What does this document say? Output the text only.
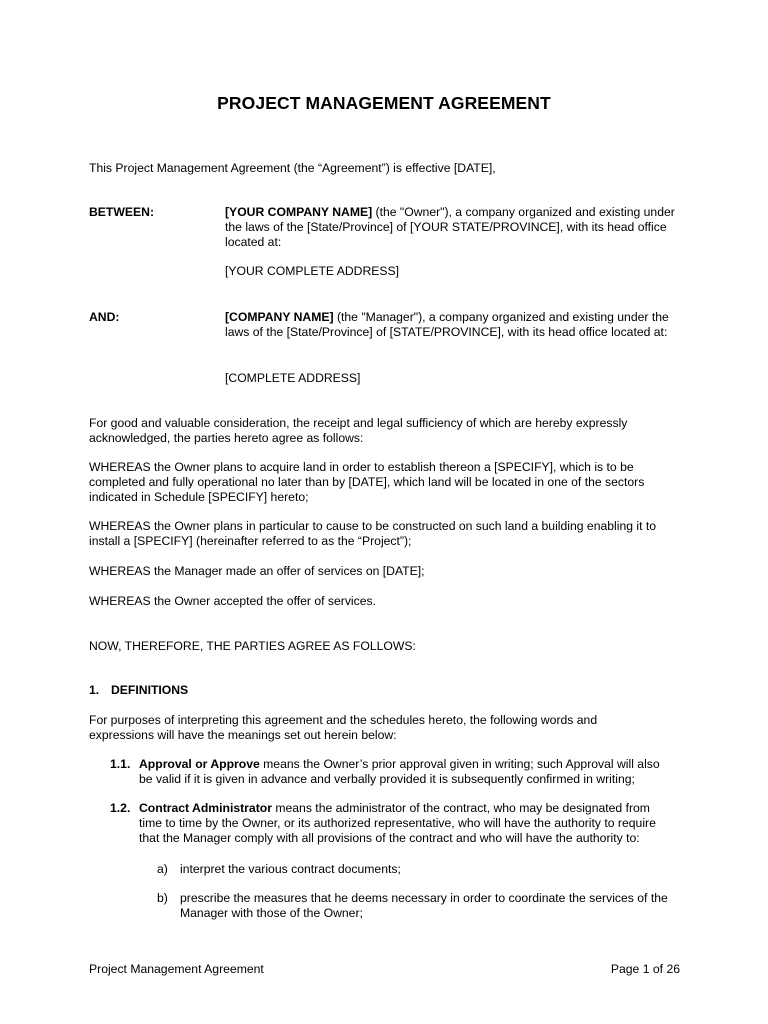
PROJECT MANAGEMENT AGREEMENT

This Project Management Agreement (the “Agreement”) is effective [DATE],

BETWEEN:	[YOUR COMPANY NAME] (the "Owner"), a company organized and existing under the laws of the [State/Province] of [YOUR STATE/PROVINCE], with its head office located at:

[YOUR COMPLETE ADDRESS]

AND:	[COMPANY NAME] (the "Manager"), a company organized and existing under the laws of the [State/Province] of [STATE/PROVINCE], with its head office located at:

[COMPLETE ADDRESS]

For good and valuable consideration, the receipt and legal sufficiency of which are hereby expressly acknowledged, the parties hereto agree as follows:

WHEREAS the Owner plans to acquire land in order to establish thereon a [SPECIFY], which is to be completed and fully operational no later than by [DATE], which land will be located in one of the sectors indicated in Schedule [SPECIFY] hereto;

WHEREAS the Owner plans in particular to cause to be constructed on such land a building enabling it to install a [SPECIFY] (hereinafter referred to as the “Project”);

WHEREAS the Manager made an offer of services on [DATE];

WHEREAS the Owner accepted the offer of services.

NOW, THEREFORE, THE PARTIES AGREE AS FOLLOWS:

1. DEFINITIONS

For purposes of interpreting this agreement and the schedules hereto, the following words and expressions will have the meanings set out herein below:

1.1. Approval or Approve means the Owner’s prior approval given in writing; such Approval will also be valid if it is given in advance and verbally provided it is subsequently confirmed in writing;

1.2. Contract Administrator means the administrator of the contract, who may be designated from time to time by the Owner, or its authorized representative, who will have the authority to require that the Manager comply with all provisions of the contract and who will have the authority to:

a) interpret the various contract documents;

b) prescribe the measures that he deems necessary in order to coordinate the services of the Manager with those of the Owner;

Project Management Agreement	Page 1 of 26
